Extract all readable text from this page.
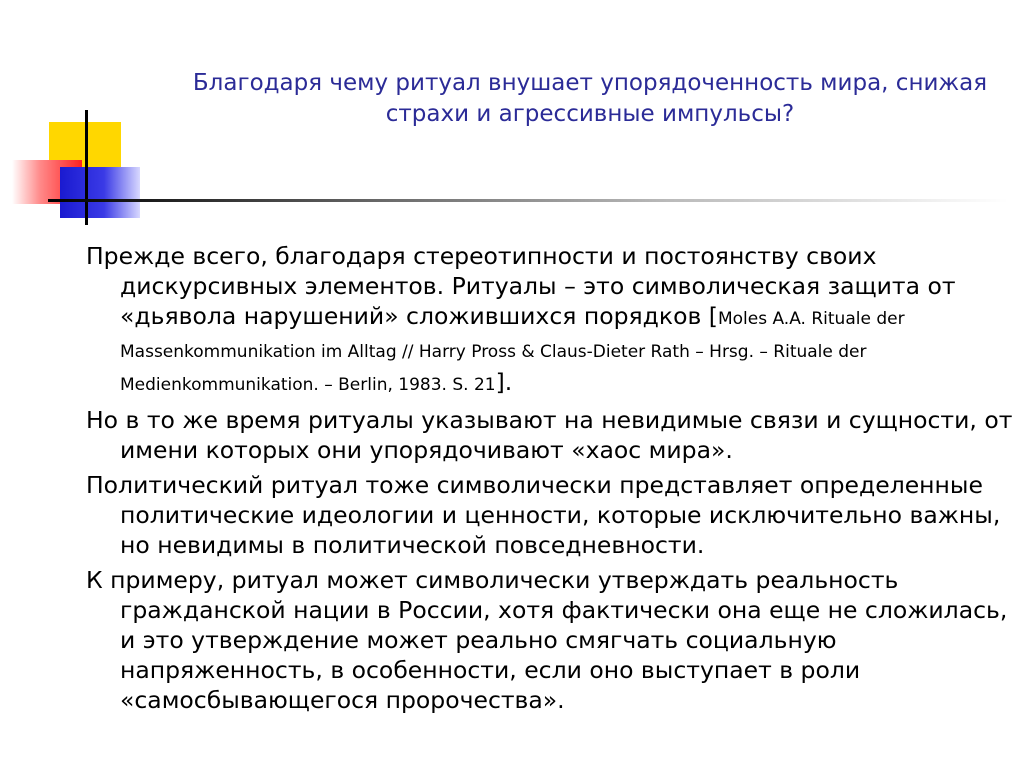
Благодаря чему ритуал внушает упорядоченность мира, снижая страхи и агрессивные импульсы?

Прежде всего, благодаря стереотипности и постоянству своих дискурсивных элементов. Ритуалы – это символическая защита от «дьявола нарушений» сложившихся порядков [Moles A.A. Rituale der Massenkommunikation im Alltag // Harry Pross & Claus-Dieter Rath – Hrsg. – Rituale der Medienkommunikation. – Berlin, 1983. S. 21].

Но в то же время ритуалы указывают на невидимые связи и сущности, от имени которых они упорядочивают «хаос мира».

Политический ритуал тоже символически представляет определенные политические идеологии и ценности, которые исключительно важны, но невидимы в политической повседневности.

К примеру, ритуал может символически утверждать реальность гражданской нации в России, хотя фактически она еще не сложилась, и это утверждение может реально смягчать социальную напряженность, в особенности, если оно выступает в роли «самосбывающегося пророчества».
